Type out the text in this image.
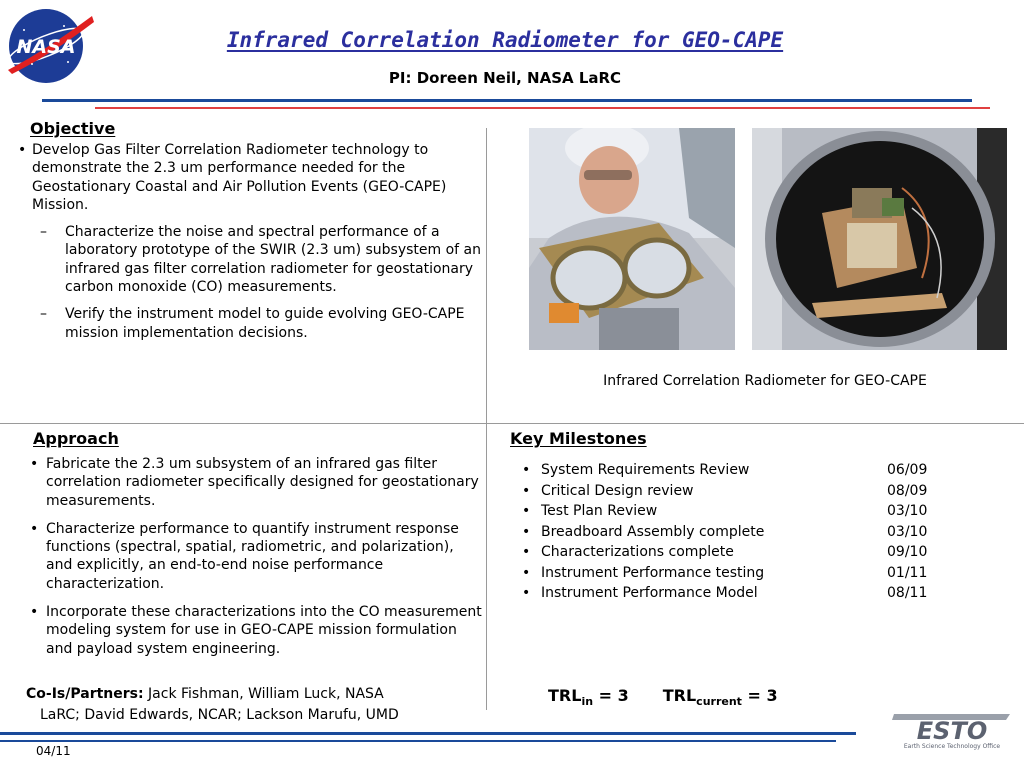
NASA	Infrared Correlation Radiometer for GEO-CAPE
PI: Doreen Neil, NASA LaRC
Objective
• Develop Gas Filter Correlation Radiometer technology to demonstrate the 2.3 um performance needed for the Geostationary Coastal and Air Pollution Events (GEO-CAPE) Mission.
– Characterize the noise and spectral performance of a laboratory prototype of the SWIR (2.3 um) subsystem of an infrared gas filter correlation radiometer for geostationary carbon monoxide (CO) measurements.
– Verify the instrument model to guide evolving GEO-CAPE mission implementation decisions.
Infrared Correlation Radiometer for GEO-CAPE
Approach
• Fabricate the 2.3 um subsystem of an infrared gas filter correlation radiometer specifically designed for geostationary measurements.
• Characterize performance to quantify instrument response functions (spectral, spatial, radiometric, and polarization), and explicitly, an end-to-end noise performance characterization.
• Incorporate these characterizations into the CO measurement modeling system for use in GEO-CAPE mission formulation and payload system engineering.
Key Milestones
• System Requirements Review	06/09
• Critical Design review	08/09
• Test Plan Review	03/10
• Breadboard Assembly complete	03/10
• Characterizations complete	09/10
• Instrument Performance testing	01/11
• Instrument Performance Model	08/11
Co-Is/Partners: Jack Fishman, William Luck, NASA
LaRC; David Edwards, NCAR; Lackson Marufu, UMD
$TRL_{in} = 3$ $TRL_{current} = 3$
04/11
ESTO
Earth Science Technology Office
